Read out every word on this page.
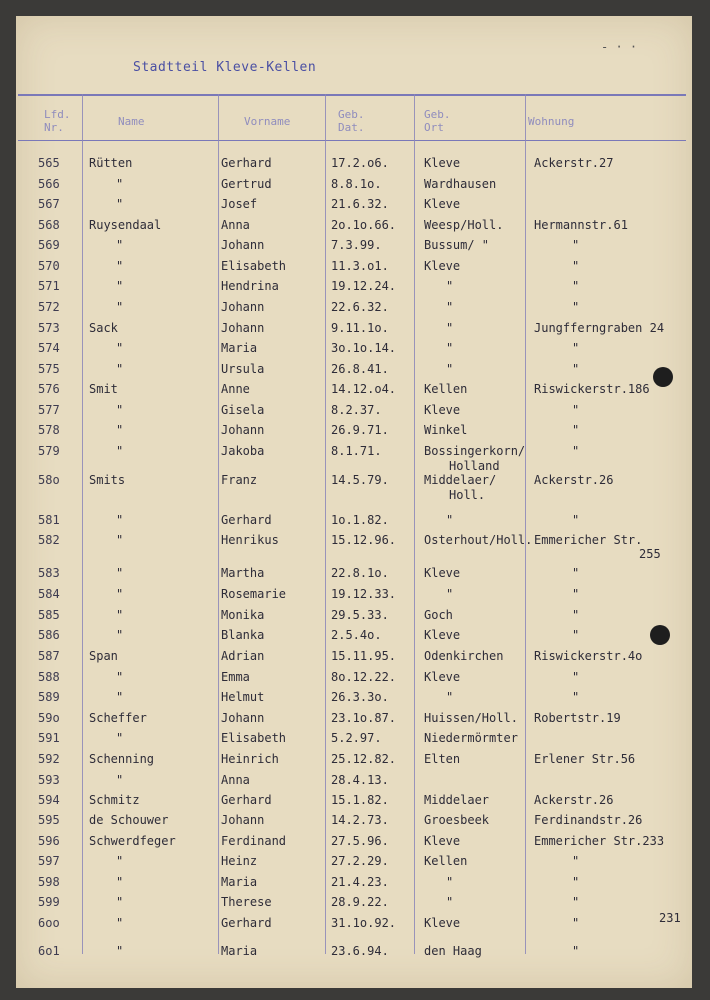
Stadtteil Kleve-Kellen
- · ·
Lfd.
Nr.	Name	Vorname
Geb.
Dat.
Geb.
Ort	Wohnung
565	Rütten	Gerhard	17.2.o6.	Kleve	Ackerstr.27
566	"	Gertrud	8.8.1o.	Wardhausen
567	"	Josef	21.6.32.	Kleve
568	Ruysendaal	Anna	2o.1o.66. Weesp/Holl.	Hermannstr.61
569	"	Johann	7.3.99.	Bussum/ "	"
570	"	Elisabeth	11.3.o1.	Kleve	"
571	"	Hendrina	19.12.24.	"	"
572	"	Johann	22.6.32.	"	"
573	Sack	Johann	9.11.1o.	"	Jungfferngraben 24
574	"	Maria	3o.1o.14.	"	"
575	"	Ursula	26.8.41.	"	"
576	Smit	Anne	14.12.o4. Kellen	Riswickerstr.186
577	"	Gisela	8.2.37.	Kleve	"
578	"	Johann	26.9.71.	Winkel	"
579	"	Jakoba	8.1.71.	Bossingerkorn/	"
Holland
58o	Smits	Franz	14.5.79.	Middelaer/	Ackerstr.26
Holl.
581	"	Gerhard	1o.1.82.	"	"
582	"	Henrikus	15.12.96. Osterhout/Holl. Emmericher Str.
255
583	"	Martha	22.8.1o.	Kleve	"
584	"	Rosemarie	19.12.33.	"	"
585	"	Monika	29.5.33.	Goch	"
586	"	Blanka	2.5.4o.	Kleve	"
587	Span	Adrian	15.11.95. Odenkirchen	Riswickerstr.4o
588	"	Emma	8o.12.22. Kleve	"
589	"	Helmut	26.3.3o.	"	"
59o	Scheffer	Johann	23.1o.87. Huissen/Holl. Robertstr.19
591	"	Elisabeth	5.2.97.	Niedermörmter
592	Schenning	Heinrich	25.12.82. Elten	Erlener Str.56
593	"	Anna	28.4.13.
594	Schmitz	Gerhard	15.1.82.	Middelaer	Ackerstr.26
595	de Schouwer	Johann	14.2.73.	Groesbeek	Ferdinandstr.26
596	Schwerdfeger	Ferdinand	27.5.96.	Kleve	Emmericher Str.233
597	"	Heinz	27.2.29.	Kellen	"
598	"	Maria	21.4.23.	"	"
599	"	Therese	28.9.22.	"	"
6oo	"	Gerhard	31.1o.92. Kleve	"
6o1	"	Maria	23.6.94.	den Haag	"
231
